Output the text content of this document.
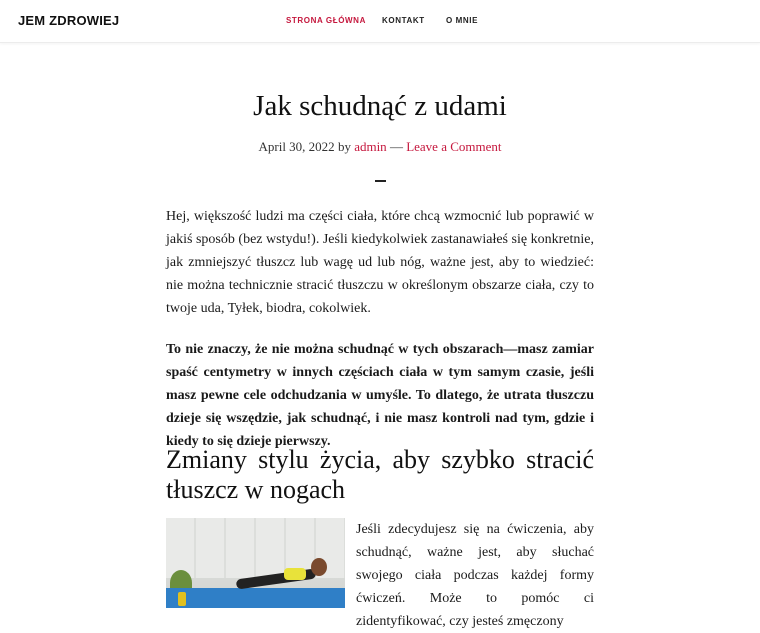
JEM ZDROWIEJ	STRONA GŁÓWNA KONTAKT	O MNIE
Jak schudnąć z udami
April 30, 2022 by admin — Leave a Comment

Hej, większość ludzi ma części ciała, które chcą wzmocnić lub poprawić w jakiś sposób (bez wstydu!). Jeśli kiedykolwiek zastanawiałeś się konkretnie, jak zmniejszyć tłuszcz lub wagę ud lub nóg, ważne jest, aby to wiedzieć: nie można technicznie stracić tłuszczu w określonym obszarze ciała, czy to twoje uda, Tyłek, biodra, cokolwiek.

To nie znaczy, że nie można schudnąć w tych obszarach—masz zamiar spaść centymetry w innych częściach ciała w tym samym czasie, jeśli masz pewne cele odchudzania w umyśle. To dlatego, że utrata tłuszczu dzieje się wszędzie, jak schudnąć, i nie masz kontroli nad tym, gdzie i kiedy to się dzieje pierwszy.

Zmiany stylu życia, aby szybko stracić tłuszcz w nogach

Jeśli zdecydujesz się na ćwiczenia, aby schudnąć, ważne jest, aby słuchać swojego ciała podczas każdej formy ćwiczeń. Może to pomóc ci zidentyfikować, czy jesteś zmęczony
